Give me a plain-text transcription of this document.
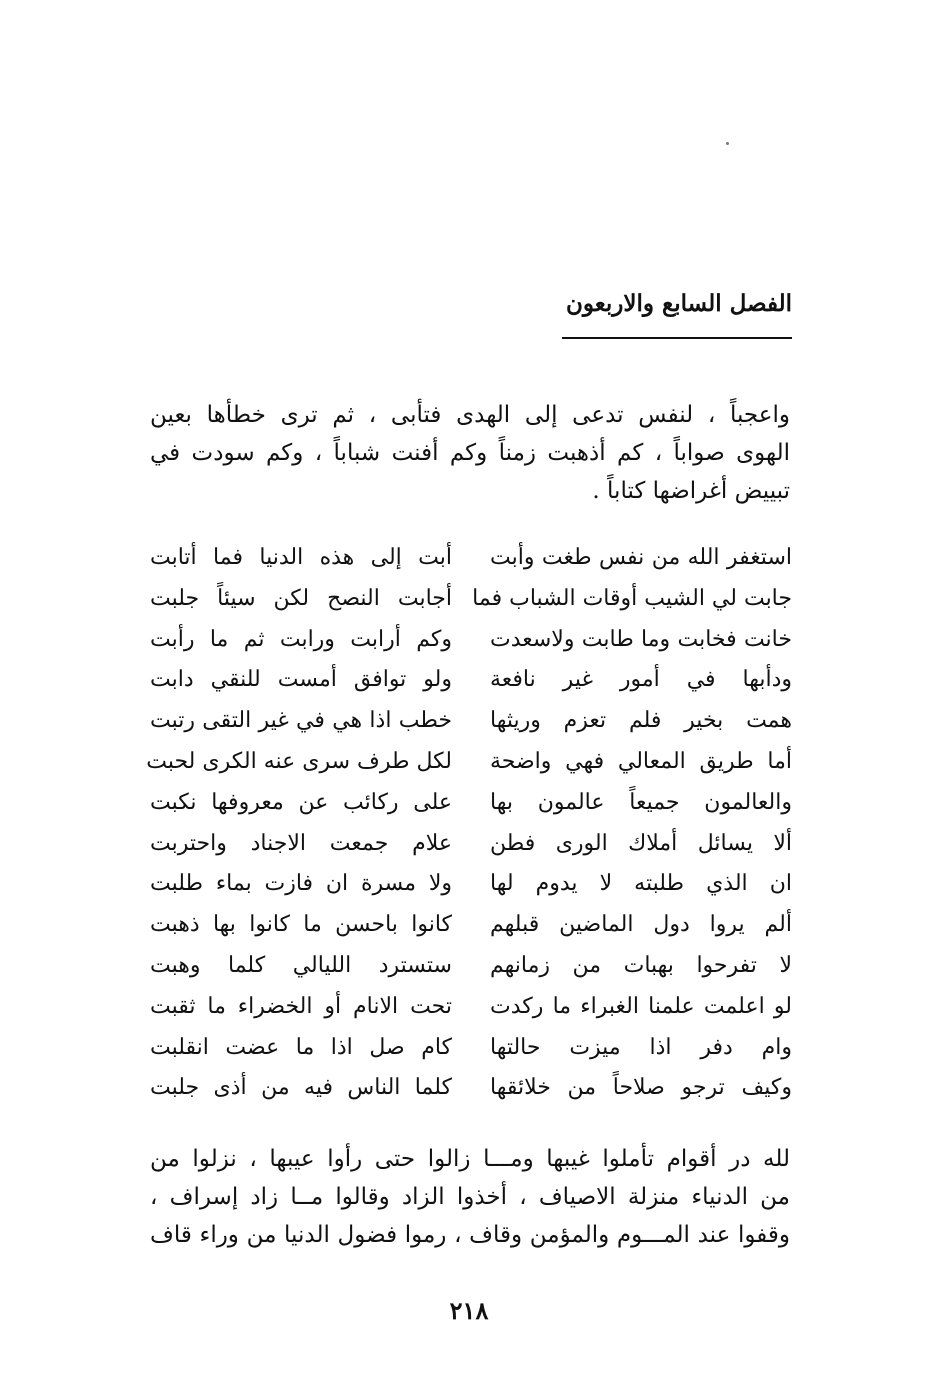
الفصل السابع والاربعون
واعجباً ، لنفس تدعى إلى الهدى فتأبى ، ثم ترى خطأها بعين
الهوى صواباً ، كم أذهبت زمناً وكم أفنت شباباً ، وكم سودت في
تبييض أغراضها كتاباً .
استغفر الله من نفس طغت وأبت
جابت لي الشيب أوقات الشباب فما
خانت فخابت وما طابت ولاسعدت
ودأبها في أمور غير نافعة
همت بخير فلم تعزم وريثها
أما طريق المعالي فهي واضحة
والعالمون جميعاً عالمون بها
ألا يسائل أملاك الورى فطن
ان الذي طلبته لا يدوم لها
ألم يروا دول الماضين قبلهم
لا تفرحوا بهبات من زمانهم
لو اعلمت علمنا الغبراء ما ركدت
وام دفر اذا ميزت حالتها
وكيف ترجو صلاحاً من خلائقها
أبت إلى هذه الدنيا فما أتابت
أجابت النصح لكن سيئاً جلبت
وكم أرابت ورابت ثم ما رأبت
ولو توافق أمست للنقي دابت
خطب اذا هي في غير التقى رتبت
لكل طرف سرى عنه الكرى لحبت
على ركائب عن معروفها نكبت
علام جمعت الاجناد واحتربت
ولا مسرة ان فازت بماء طلبت
كانوا باحسن ما كانوا بها ذهبت
ستسترد الليالي كلما وهبت
تحت الانام أو الخضراء ما ثقبت
كام صل اذا ما عضت انقلبت
كلما الناس فيه من أذى جلبت
لله در أقوام تأملوا غيبها ومـــا زالوا حتى رأوا عيبها ، نزلوا من
من الدنياء منزلة الاصياف ، أخذوا الزاد وقالوا مــا زاد إسراف ،
وقفوا عند المـــوم والمؤمن وقاف ، رموا فضول الدنيا من وراء قاف
٢١٨
